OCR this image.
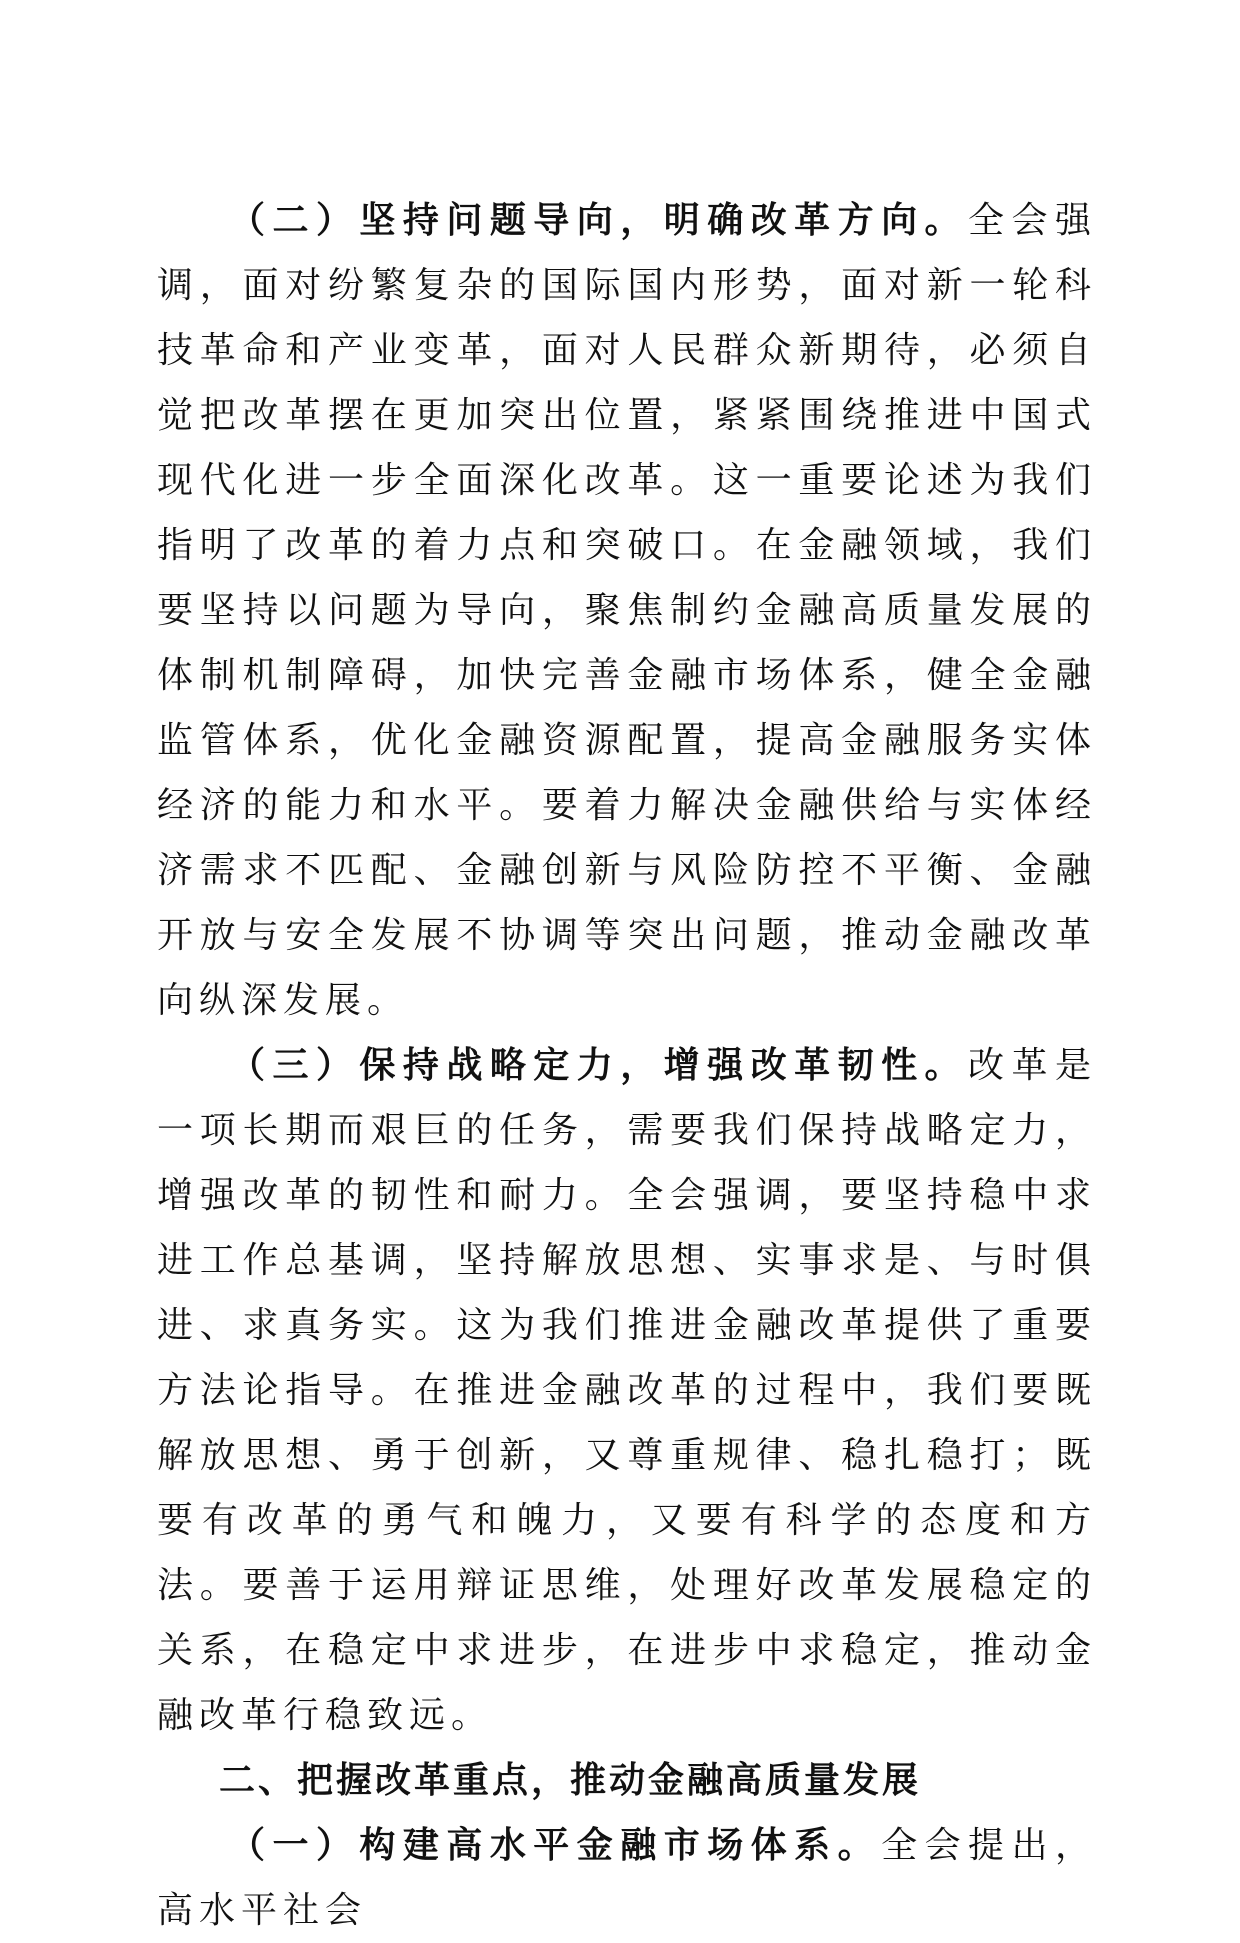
（二）坚持问题导向，明确改革方向。全会强调，面对纷繁复杂的国际国内形势，面对新一轮科技革命和产业变革，面对人民群众新期待，必须自觉把改革摆在更加突出位置，紧紧围绕推进中国式现代化进一步全面深化改革。这一重要论述为我们指明了改革的着力点和突破口。在金融领域，我们要坚持以问题为导向，聚焦制约金融高质量发展的体制机制障碍，加快完善金融市场体系，健全金融监管体系，优化金融资源配置，提高金融服务实体经济的能力和水平。要着力解决金融供给与实体经济需求不匹配、金融创新与风险防控不平衡、金融开放与安全发展不协调等突出问题，推动金融改革向纵深发展。

（三）保持战略定力，增强改革韧性。改革是一项长期而艰巨的任务，需要我们保持战略定力，增强改革的韧性和耐力。全会强调，要坚持稳中求进工作总基调，坚持解放思想、实事求是、与时俱进、求真务实。这为我们推进金融改革提供了重要方法论指导。在推进金融改革的过程中，我们要既解放思想、勇于创新，又尊重规律、稳扎稳打；既要有改革的勇气和魄力，又要有科学的态度和方法。要善于运用辩证思维，处理好改革发展稳定的关系，在稳定中求进步，在进步中求稳定，推动金融改革行稳致远。

二、把握改革重点，推动金融高质量发展

（一）构建高水平金融市场体系。全会提出，高水平社会
